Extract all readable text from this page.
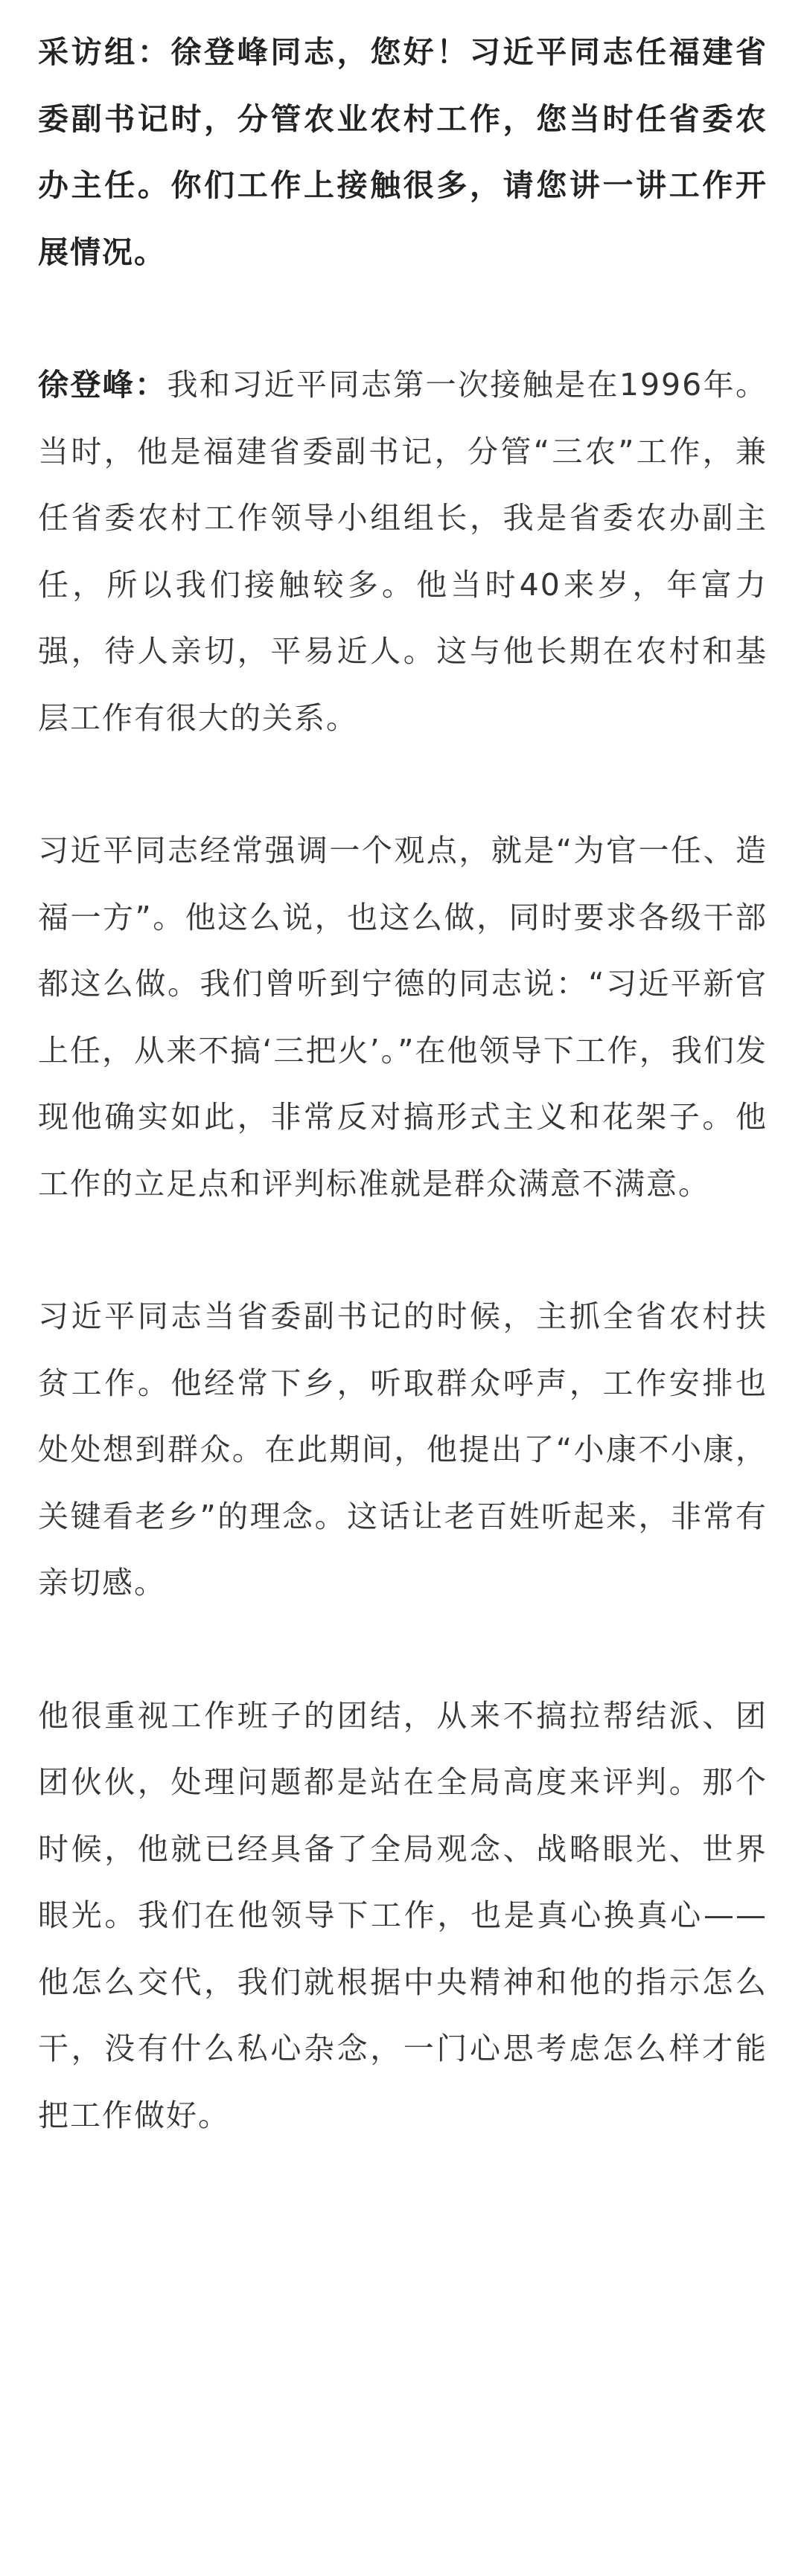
采访组：徐登峰同志，您好！习近平同志任福建省委副书记时，分管农业农村工作，您当时任省委农办主任。你们工作上接触很多，请您讲一讲工作开展情况。

徐登峰：我和习近平同志第一次接触是在1996年。当时，他是福建省委副书记，分管“三农”工作，兼任省委农村工作领导小组组长，我是省委农办副主任，所以我们接触较多。他当时40来岁，年富力强，待人亲切，平易近人。这与他长期在农村和基层工作有很大的关系。

习近平同志经常强调一个观点，就是“为官一任、造福一方”。他这么说，也这么做，同时要求各级干部都这么做。我们曾听到宁德的同志说：“习近平新官上任，从来不搞‘三把火’。”在他领导下工作，我们发现他确实如此，非常反对搞形式主义和花架子。他工作的立足点和评判标准就是群众满意不满意。

习近平同志当省委副书记的时候，主抓全省农村扶贫工作。他经常下乡，听取群众呼声，工作安排也处处想到群众。在此期间，他提出了“小康不小康，关键看老乡”的理念。这话让老百姓听起来，非常有亲切感。

他很重视工作班子的团结，从来不搞拉帮结派、团团伙伙，处理问题都是站在全局高度来评判。那个时候，他就已经具备了全局观念、战略眼光、世界眼光。我们在他领导下工作，也是真心换真心——他怎么交代，我们就根据中央精神和他的指示怎么干，没有什么私心杂念，一门心思考虑怎么样才能把工作做好。
